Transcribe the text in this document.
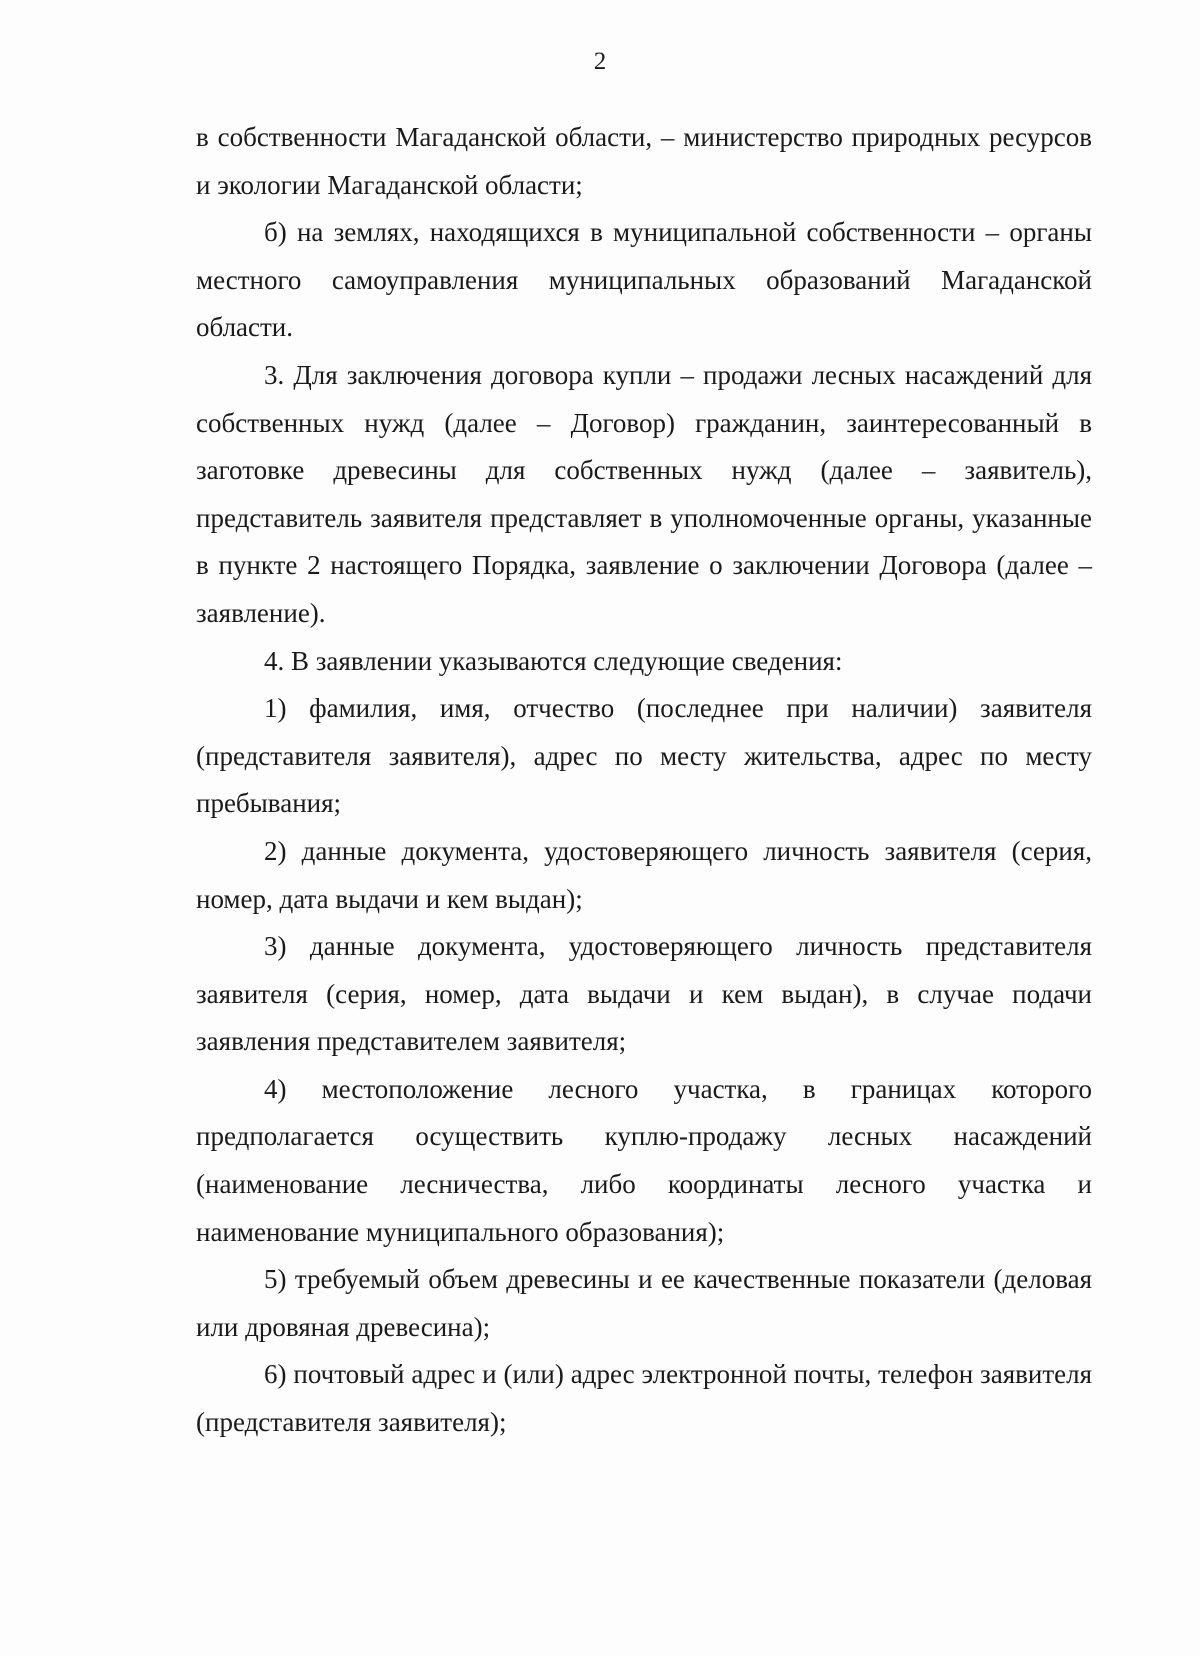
2

в собственности Магаданской области, – министерство природных ресурсов и экологии Магаданской области;

б) на землях, находящихся в муниципальной собственности – органы местного самоуправления муниципальных образований Магаданской области.

3. Для заключения договора купли – продажи лесных насаждений для собственных нужд (далее – Договор) гражданин, заинтересованный в заготовке древесины для собственных нужд (далее – заявитель), представитель заявителя представляет в уполномоченные органы, указанные в пункте 2 настоящего Порядка, заявление о заключении Договора (далее – заявление).

4. В заявлении указываются следующие сведения:

1) фамилия, имя, отчество (последнее при наличии) заявителя (представителя заявителя), адрес по месту жительства, адрес по месту пребывания;

2) данные документа, удостоверяющего личность заявителя (серия, номер, дата выдачи и кем выдан);

3) данные документа, удостоверяющего личность представителя заявителя (серия, номер, дата выдачи и кем выдан), в случае подачи заявления представителем заявителя;

4) местоположение лесного участка, в границах которого предполагается осуществить куплю-продажу лесных насаждений (наименование лесничества, либо координаты лесного участка и наименование муниципального образования);

5) требуемый объем древесины и ее качественные показатели (деловая или дровяная древесина);

6) почтовый адрес и (или) адрес электронной почты, телефон заявителя (представителя заявителя);
